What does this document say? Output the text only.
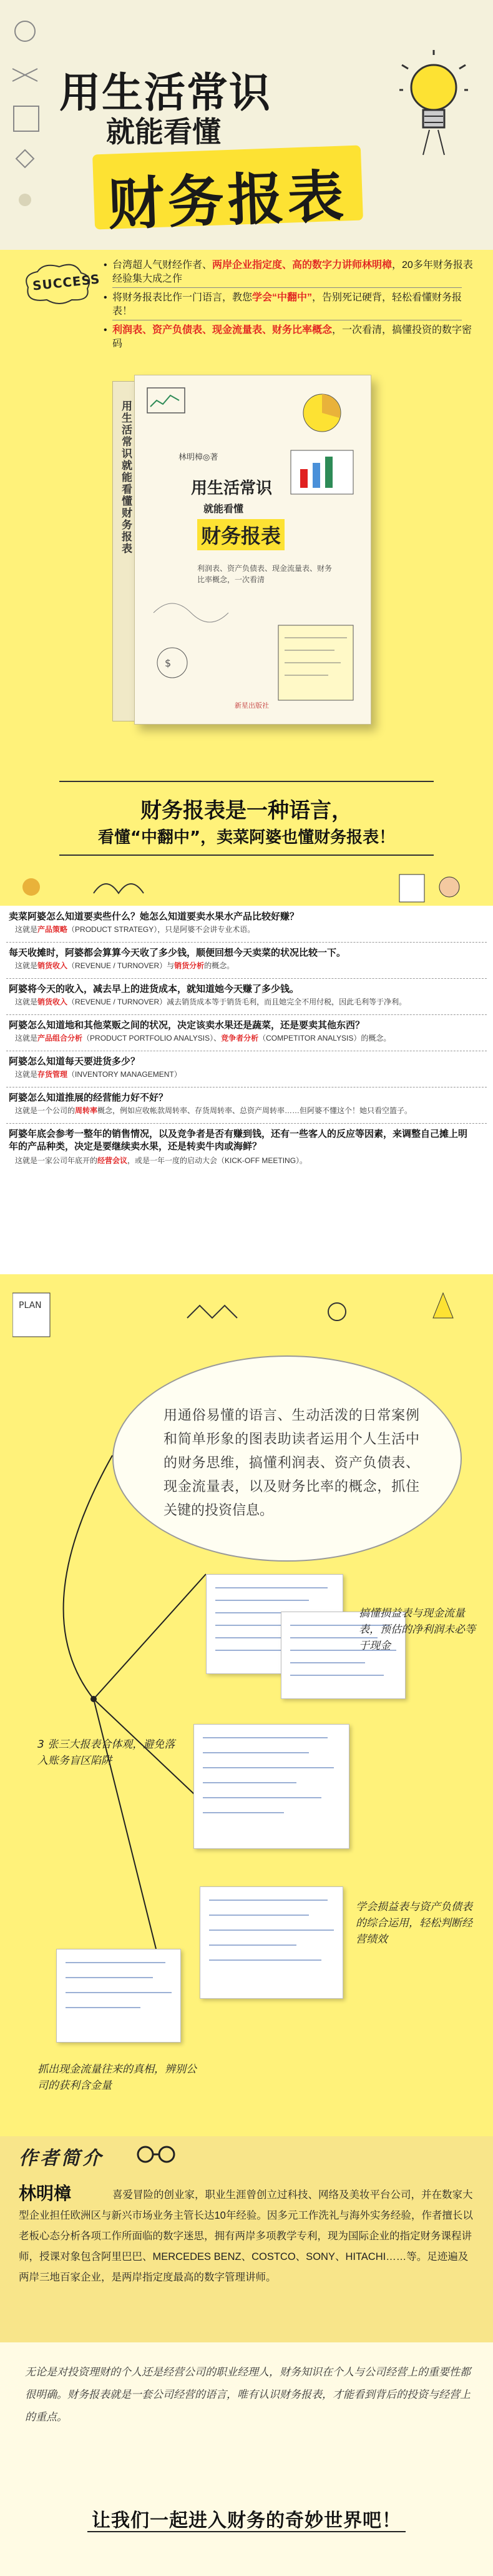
用生活常识
就能看懂
财务报表
SUCCESS
• 台湾超人气财经作者、两岸企业指定度、高的数字力讲师林明樟，20多年财务报表经验集大成之作
• 将财务报表比作一门语言，教您学会“中翻中”，告别死记硬背，轻松看懂财务报表！
• 利润表、资产负债表、现金流量表、财务比率概念，一次看清，搞懂投资的数字密码
用生活常识就能看懂财务报表
$
林明樟◎著
用生活常识
就能看懂
财务报表
利润表、资产负债表、现金流量表、财务比率概念，一次看清
新星出版社
财务报表是一种语言，
看懂“中翻中”，卖菜阿婆也懂财务报表！
卖菜阿婆怎么知道要卖些什么？她怎么知道要卖水果水产品比较好赚？
这就是产品策略（PRODUCT STRATEGY），只是阿婆不会讲专业术语。
每天收摊时，阿婆都会算算今天收了多少钱，顺便回想今天卖菜的状况比较一下。
这就是销货收入（REVENUE / TURNOVER）与销货分析的概念。
阿婆将今天的收入，减去早上的进货成本，就知道她今天赚了多少钱。
这就是销货收入（REVENUE / TURNOVER）减去销货成本等于销货毛利，而且她完全不用付税，因此毛利等于净利。
阿婆怎么知道地和其他菜贩之间的状况，决定该卖水果还是蔬菜，还是要卖其他东西？
这就是产品组合分析（PRODUCT PORTFOLIO ANALYSIS）、竞争者分析（COMPETITOR ANALYSIS）的概念。
阿婆怎么知道每天要进货多少？
这就是存货管理（INVENTORY MANAGEMENT）
阿婆怎么知道推展的经营能力好不好？
这就是一个公司的周转率概念，例如应收帐款周转率、存货周转率、总资产周转率……但阿婆不懂这个！她只看空篮子。
阿婆年底会参考一整年的销售情况，以及竞争者是否有赚到钱，还有一些客人的反应等因素，来调整自己摊上明年的产品种类，决定是要继续卖水果，还是转卖牛肉或海鲜？
这就是一家公司年底开的经营会议，或是一年一度的启动大会（KICK-OFF MEETING）。
PLAN
用通俗易懂的语言、生动活泼的日常案例和简单形象的图表助读者运用个人生活中的财务思维，搞懂利润表、资产负债表、现金流量表，以及财务比率的概念，抓住 关键的投资信息。
搞懂损益表与现金流量表，预估的净利润未必等于现金
3 张三大报表合体观，避免落入账务盲区陷阱
学会损益表与资产负债表的综合运用，轻松判断经营绩效
抓出现金流量往来的真相，辨别公司的获利含金量
作者简介
林明樟	喜爱冒险的创业家，职业生涯曾创立过科技、网络及美妆平台公司，并在数家大型企业担任欧洲区与新兴市场业务主管长达10年经验。因多元工作洗礼与海外实务经验，作者擅长以老板心态分析各项工作所面临的数字迷思，拥有两岸多项教学专利，现为国际企业的指定财务课程讲师，授课对象包含阿里巴巴、MERCEDES BENZ、COSTCO、SONY、HITACHI……等。足迹遍及两岸三地百家企业，是两岸指定度最高的数字管理讲师。
无论是对投资理财的个人还是经营公司的职业经理人，财务知识在个人与公司经营上的重要性都很明确。财务报表就是一套公司经营的语言，唯有认识财务报表，才能看到背后的投资与经营上的重点。
让我们一起进入财务的奇妙世界吧！
